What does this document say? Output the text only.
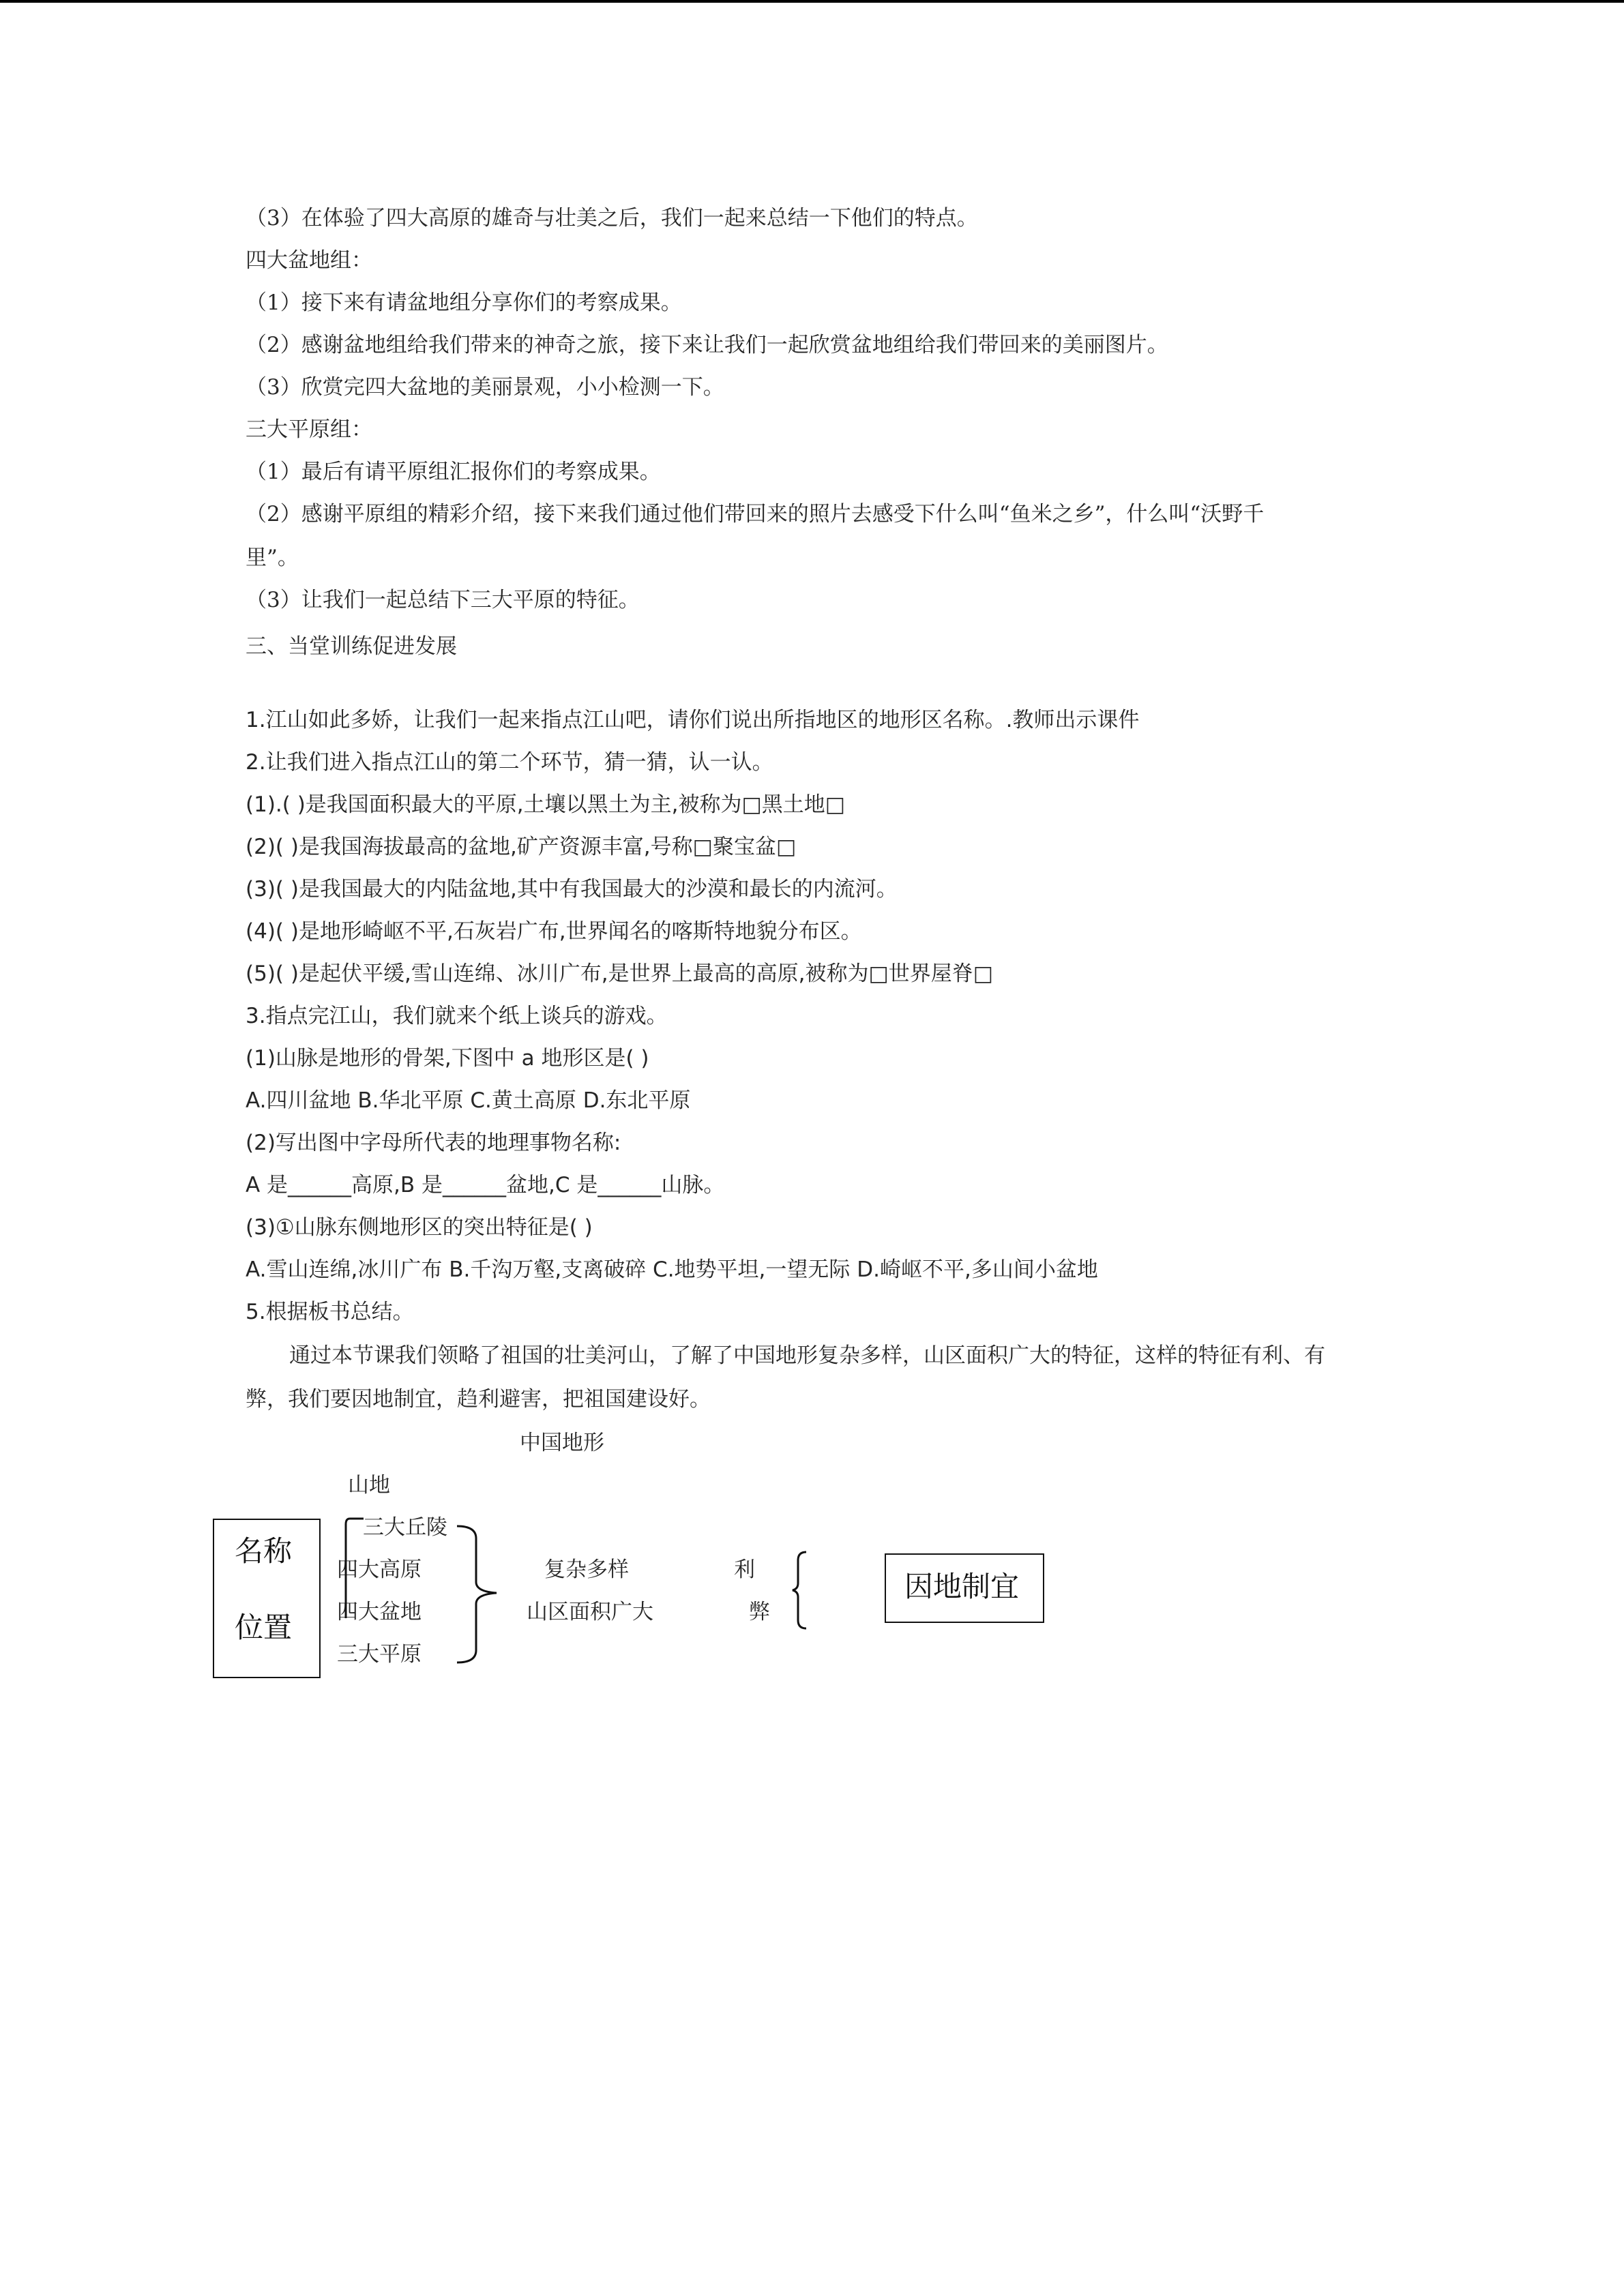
（3）在体验了四大高原的雄奇与壮美之后，我们一起来总结一下他们的特点。
四大盆地组：
（1）接下来有请盆地组分享你们的考察成果。
（2）感谢盆地组给我们带来的神奇之旅，接下来让我们一起欣赏盆地组给我们带回来的美丽图片。
（3）欣赏完四大盆地的美丽景观，小小检测一下。
三大平原组：
（1）最后有请平原组汇报你们的考察成果。
（2）感谢平原组的精彩介绍，接下来我们通过他们带回来的照片去感受下什么叫“鱼米之乡”，什么叫“沃野千
里”。
（3）让我们一起总结下三大平原的特征。
三、当堂训练促进发展
1.江山如此多娇，让我们一起来指点江山吧，请你们说出所指地区的地形区名称。.教师出示课件
2.让我们进入指点江山的第二个环节，猜一猜，认一认。
(1).( )是我国面积最大的平原,土壤以黑土为主,被称为□黑土地□
(2)( )是我国海拔最高的盆地,矿产资源丰富,号称□聚宝盆□
(3)( )是我国最大的内陆盆地,其中有我国最大的沙漠和最长的内流河。
(4)( )是地形崎岖不平,石灰岩广布,世界闻名的喀斯特地貌分布区。
(5)( )是起伏平缓,雪山连绵、冰川广布,是世界上最高的高原,被称为□世界屋脊□
3.指点完江山，我们就来个纸上谈兵的游戏。
(1)山脉是地形的骨架,下图中 a 地形区是( )
A.四川盆地 B.华北平原 C.黄土高原 D.东北平原
(2)写出图中字母所代表的地理事物名称:
A 是______高原,B 是______盆地,C 是______山脉。
(3)①山脉东侧地形区的突出特征是( )
A.雪山连绵,冰川广布 B.千沟万壑,支离破碎 C.地势平坦,一望无际 D.崎岖不平,多山间小盆地
5.根据板书总结。
通过本节课我们领略了祖国的壮美河山，了解了中国地形复杂多样，山区面积广大的特征，这样的特征有利、有
弊，我们要因地制宜，趋利避害，把祖国建设好。
中国地形
名称
位置
山地
三大丘陵
四大高原
四大盆地
三大平原
复杂多样
山区面积广大
利
弊
因地制宜
